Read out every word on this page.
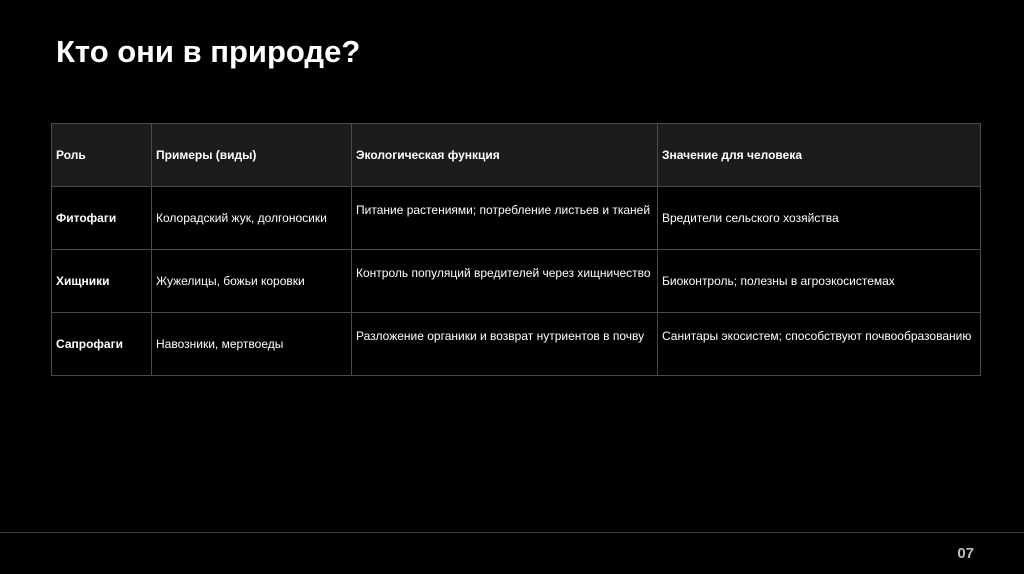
Кто они в природе?
Роль	Примеры (виды)	Экологическая функция	Значение для человека
Фитофаги	Колорадский жук, долгоносики	Питание растениями; потребление листьев и тканей	Вредители сельского хозяйства
Хищники	Жужелицы, божьи коровки	Контроль популяций вредителей через хищничество	Биоконтроль; полезны в агроэкосистемах
Сапрофаги	Навозники, мертвоеды	Разложение органики и возврат нутриентов в почву	Санитары экосистем; способствуют почвообразованию
07
